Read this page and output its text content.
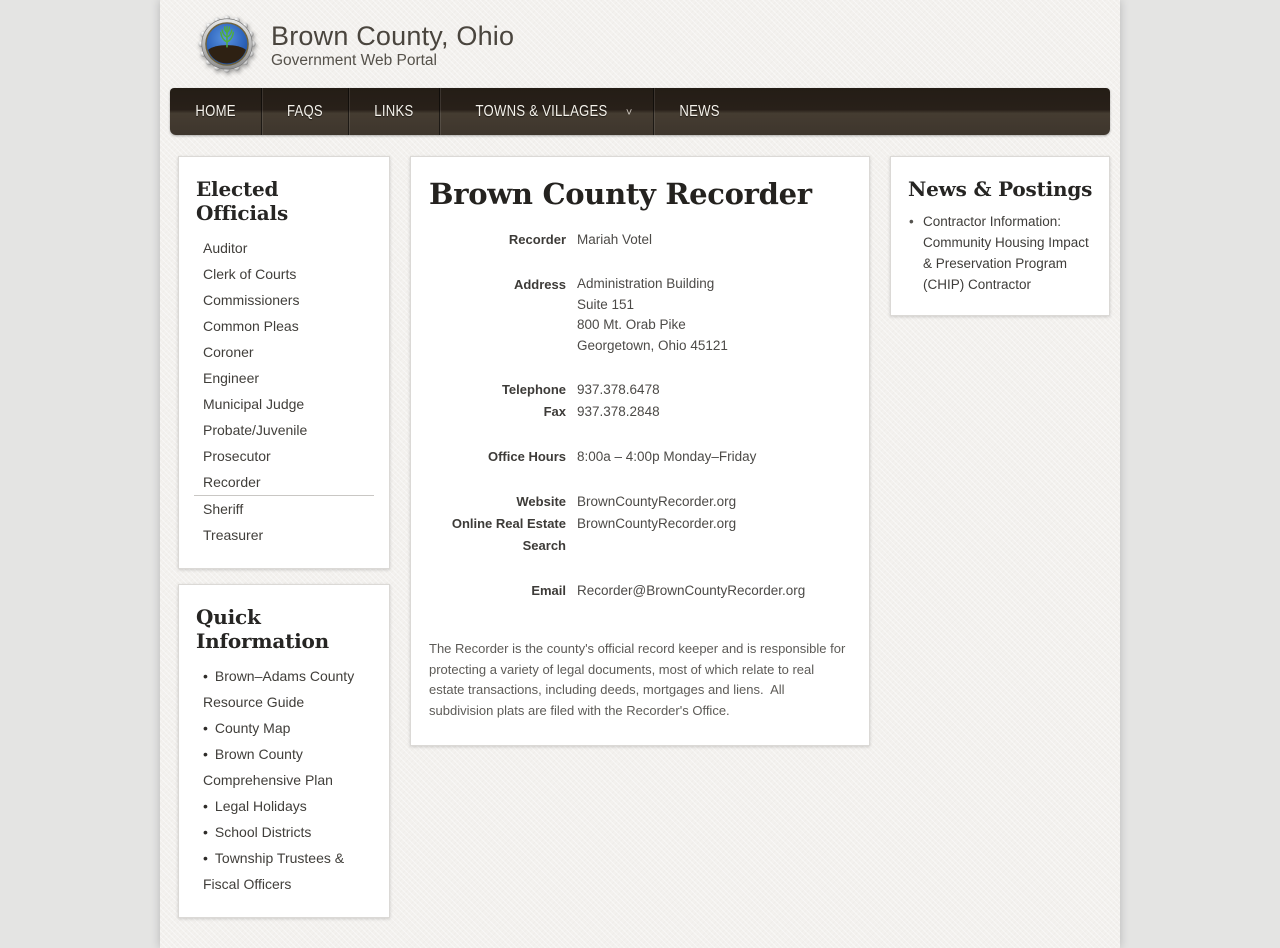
Brown County, Ohio
Government Web Portal
HOME	FAQS	LINKS	TOWNS & VILLAGES ˅	NEWS
Elected Officials
Auditor
Clerk of Courts
Commissioners
Common Pleas
Coroner
Engineer
Municipal Judge
Probate/Juvenile
Prosecutor
Recorder
Sheriff
Treasurer
Quick Information
• Brown–Adams County Resource Guide
• County Map
• Brown County Comprehensive Plan
• Legal Holidays
• School Districts
• Township Trustees & Fiscal Officers
Brown County Recorder
Recorder Mariah Votel
Address Administration Building
Suite 151
800 Mt. Orab Pike
Georgetown, Ohio 45121
Telephone 937.378.6478
Fax 937.378.2848
Office Hours 8:00a – 4:00p Monday–Friday
Website BrownCountyRecorder.org
Online Real Estate Search
BrownCountyRecorder.org
Email Recorder@BrownCountyRecorder.org

The Recorder is the county's official record keeper and is responsible for protecting a variety of legal documents, most of which relate to real estate transactions, including deeds, mortgages and liens.  All subdivision plats are filed with the Recorder's Office.

News & Postings
• Contractor Information: Community Housing Impact & Preservation Program (CHIP) Contractor
